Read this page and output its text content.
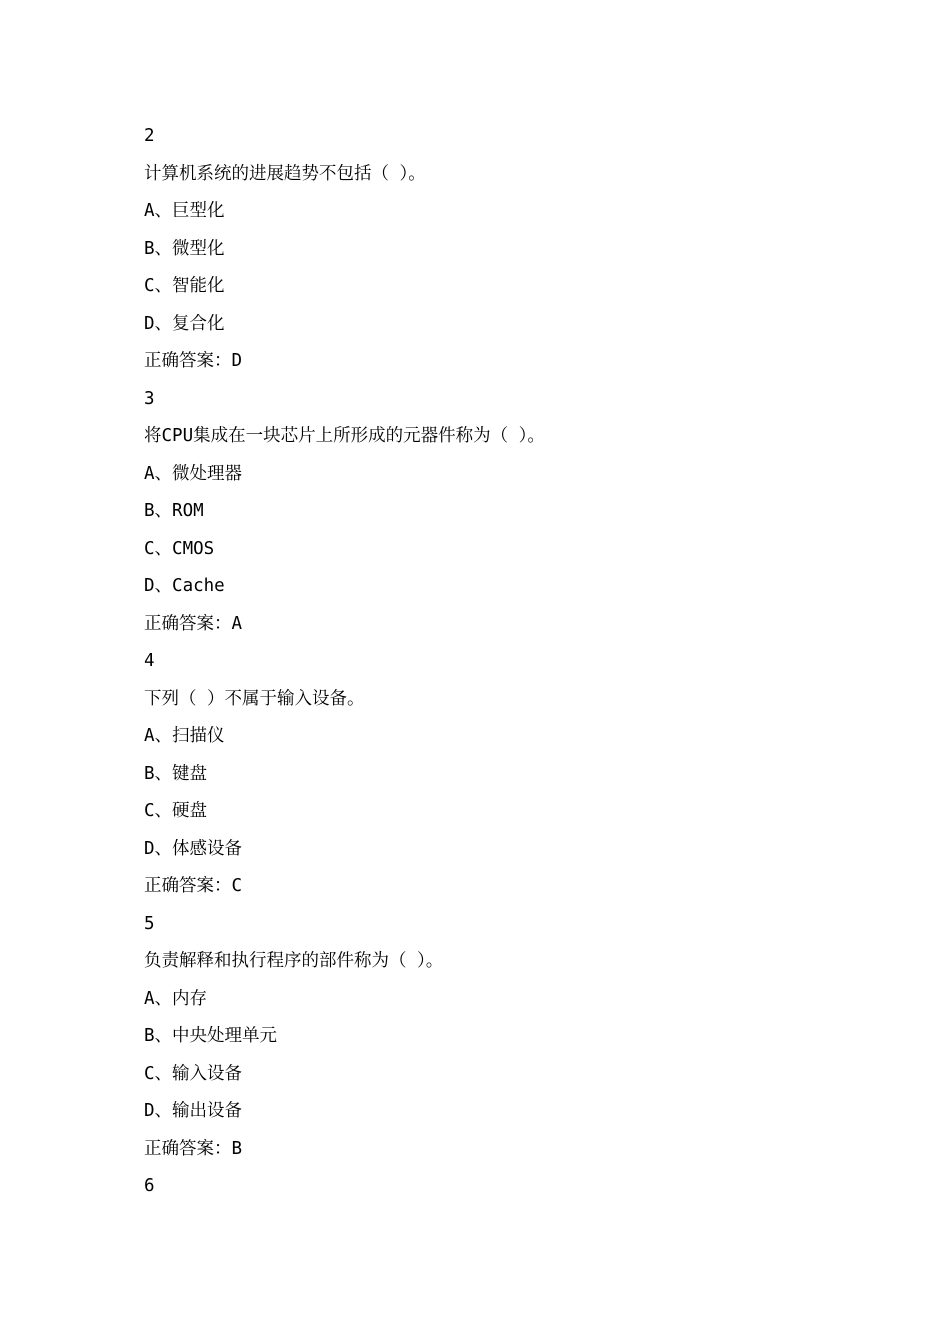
2
计算机系统的进展趋势不包括（ ）。
A、巨型化
B、微型化
C、智能化
D、复合化
正确答案：D
3
将CPU集成在一块芯片上所形成的元器件称为（ ）。
A、微处理器
B、ROM
C、CMOS
D、Cache
正确答案：A
4
下列（ ）不属于输入设备。
A、扫描仪
B、键盘
C、硬盘
D、体感设备
正确答案：C
5
负责解释和执行程序的部件称为（ ）。
A、内存
B、中央处理单元
C、输入设备
D、输出设备
正确答案：B
6
